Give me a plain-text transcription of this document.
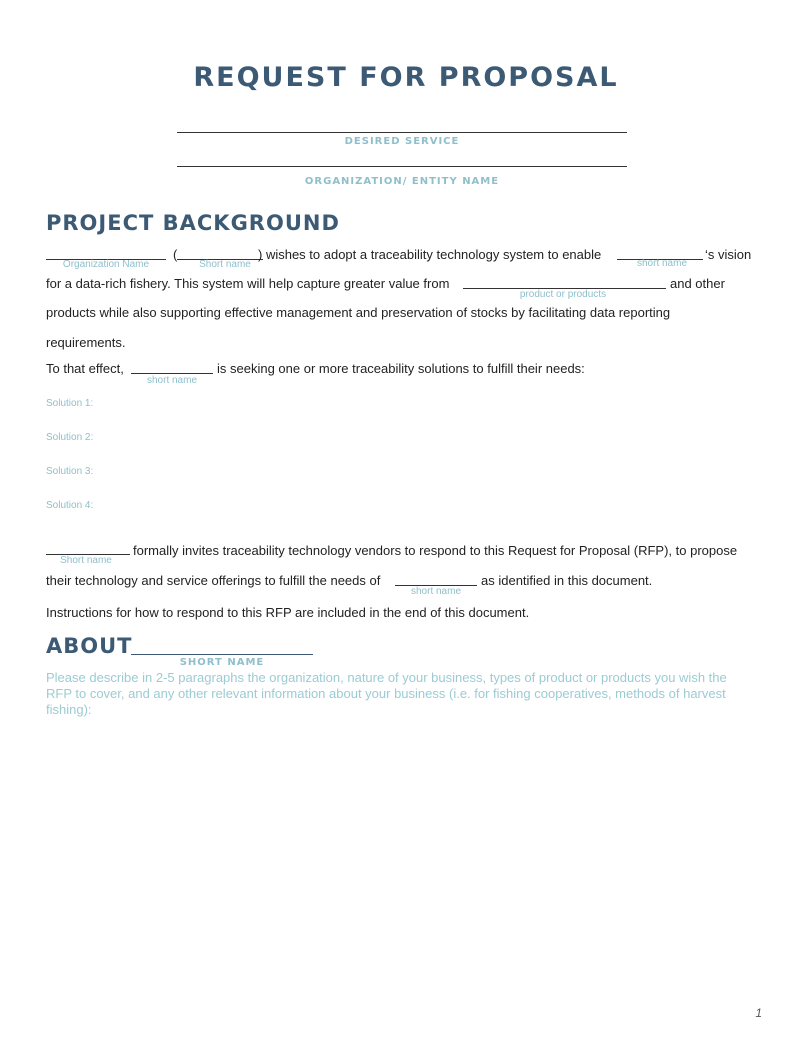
REQUEST FOR PROPOSAL
DESIRED SERVICE
ORGANIZATION/ ENTITY NAME
PROJECT BACKGROUND
Organization Name
(
Short name
) wishes to adopt a traceability technology system to enable
short name
‘s vision
for a data-rich fishery. This system will help capture greater value from
product or products
and other
products while also supporting effective management and preservation of stocks by facilitating data reporting
requirements.
To that effect,
short name
is seeking one or more traceability solutions to fulfill their needs:
Solution 1:
Solution 2:
Solution 3:
Solution 4:
Short name
formally invites traceability technology vendors to respond to this Request for Proposal (RFP), to propose
their technology and service offerings to fulfill the needs of
short name
as identified in this document.
Instructions for how to respond to this RFP are included in the end of this document.
ABOUT
SHORT NAME
Please describe in 2-5 paragraphs the organization, nature of your business, types of product or products you wish the RFP to cover, and any other relevant information about your business (i.e. for fishing cooperatives, methods of harvest fishing):
1
